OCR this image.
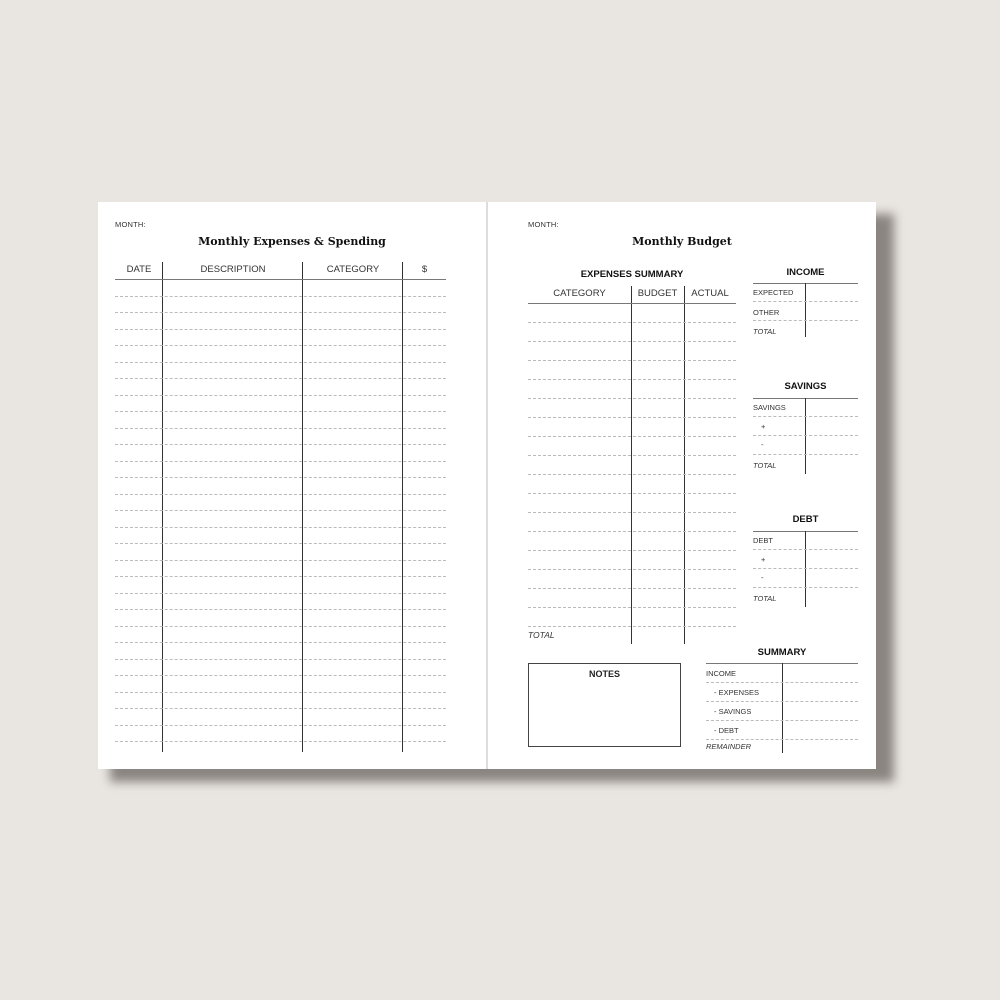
MONTH:
Monthly Expenses & Spending
DATE	DESCRIPTION	CATEGORY	$
MONTH:
Monthly Budget
EXPENSES SUMMARY
CATEGORY	BUDGET	ACTUAL
TOTAL
INCOME
EXPECTED
OTHER
TOTAL
SAVINGS
SAVINGS
+
-
TOTAL
DEBT
DEBT
+
-
TOTAL
NOTES
SUMMARY
INCOME
- EXPENSES
- SAVINGS
- DEBT
REMAINDER
